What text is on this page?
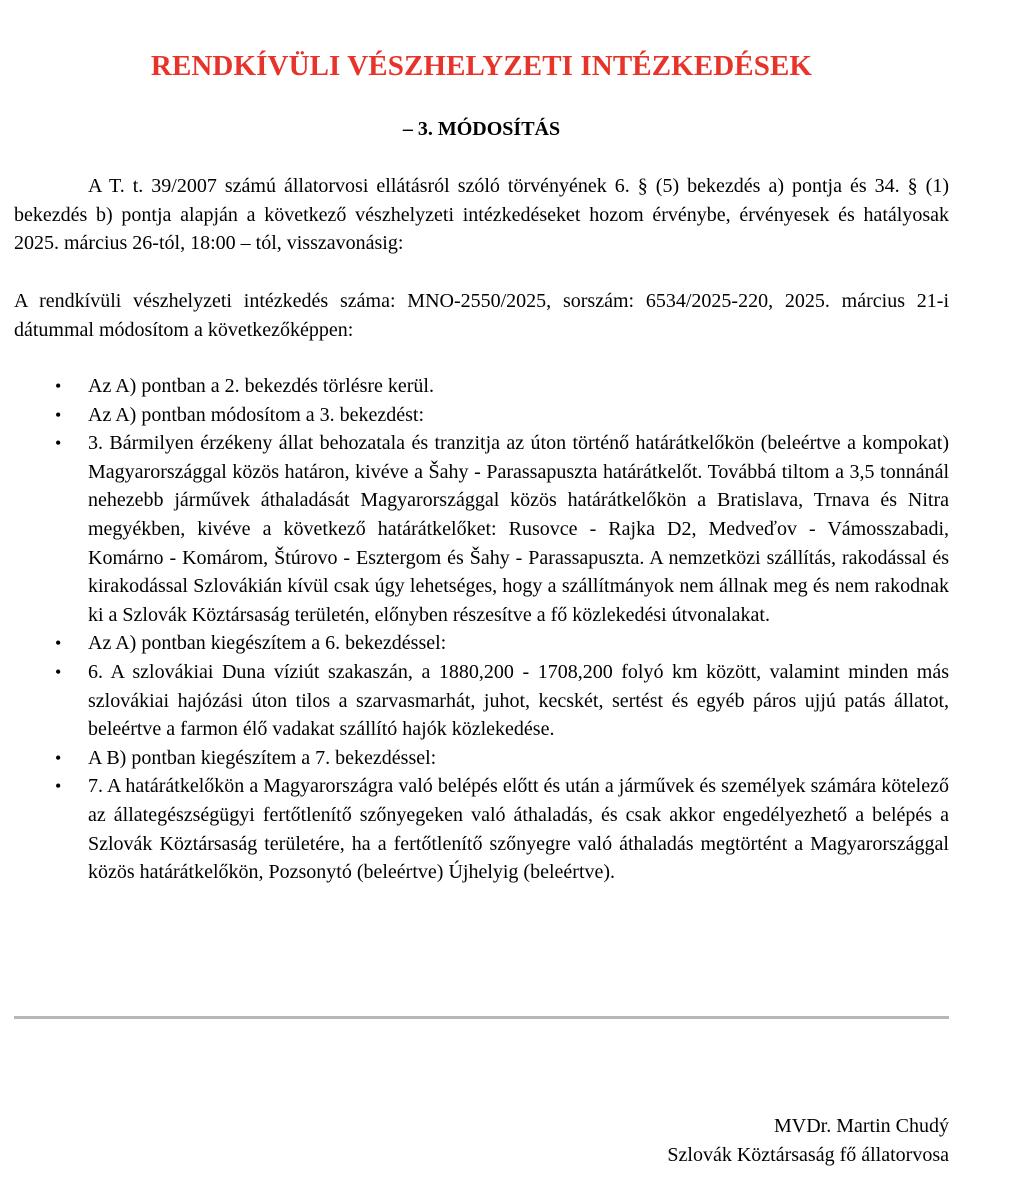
RENDKÍVÜLI VÉSZHELYZETI INTÉZKEDÉSEK
– 3. MÓDOSÍTÁS

A T. t. 39/2007 számú állatorvosi ellátásról szóló törvényének 6. § (5) bekezdés a) pontja és 34. § (1) bekezdés b) pontja alapján a következő vészhelyzeti intézkedéseket hozom érvénybe, érvényesek és hatályosak 2025. március 26-tól, 18:00 – tól, visszavonásig:

A rendkívüli vészhelyzeti intézkedés száma: MNO-2550/2025, sorszám: 6534/2025-220, 2025. március 21-i dátummal módosítom a következőképpen:

• Az A) pontban a 2. bekezdés törlésre kerül.
• Az A) pontban módosítom a 3. bekezdést:
• 3. Bármilyen érzékeny állat behozatala és tranzitja az úton történő határátkelőkön (beleértve a kompokat) Magyarországgal közös határon, kivéve a Šahy - Parassapuszta határátkelőt. Továbbá tiltom a 3,5 tonnánál nehezebb járművek áthaladását Magyarországgal közös határátkelőkön a Bratislava, Trnava és Nitra megyékben, kivéve a következő határátkelőket: Rusovce - Rajka D2, Medveďov - Vámosszabadi, Komárno - Komárom, Štúrovo - Esztergom és Šahy - Parassapuszta. A nemzetközi szállítás, rakodással és kirakodással Szlovákián kívül csak úgy lehetséges, hogy a szállítmányok nem állnak meg és nem rakodnak ki a Szlovák Köztársaság területén, előnyben részesítve a fő közlekedési útvonalakat.
• Az A) pontban kiegészítem a 6. bekezdéssel:
• 6. A szlovákiai Duna víziút szakaszán, a 1880,200 - 1708,200 folyó km között, valamint minden más szlovákiai hajózási úton tilos a szarvasmarhát, juhot, kecskét, sertést és egyéb páros ujjú patás állatot, beleértve a farmon élő vadakat szállító hajók közlekedése.
• A B) pontban kiegészítem a 7. bekezdéssel:
• 7. A határátkelőkön a Magyarországra való belépés előtt és után a járművek és személyek számára kötelező az állategészségügyi fertőtlenítő szőnyegeken való áthaladás, és csak akkor engedélyezhető a belépés a Szlovák Köztársaság területére, ha a fertőtlenítő szőnyegre való áthaladás megtörtént a Magyarországgal közös határátkelőkön, Pozsonytó (beleértve) Újhelyig (beleértve).
MVDr. Martin Chudý
Szlovák Köztársaság fő állatorvosa
